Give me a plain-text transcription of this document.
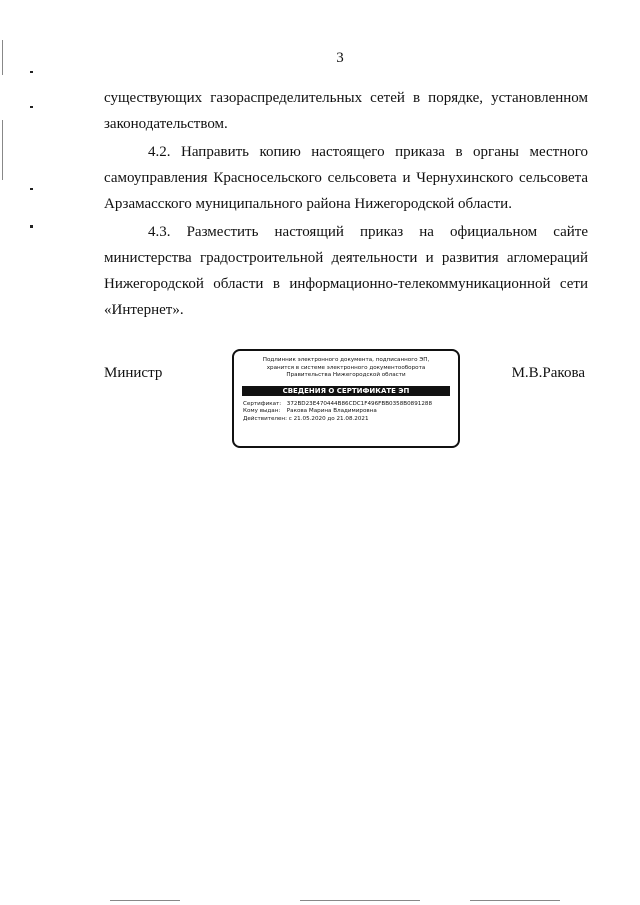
3

существующих газораспределительных сетей в порядке, установленном законодательством.

4.2. Направить копию настоящего приказа в органы местного самоуправления Красносельского сельсовета и Чернухинского сельсовета Арзамасского муниципального района Нижегородской области.

4.3. Разместить настоящий приказ на официальном сайте министерства градостроительной деятельности и развития агломераций Нижегородской области в информационно-телекоммуникационной сети «Интернет».

Министр	М.В.Ракова
Подлинник электронного документа, подписанного ЭП,
хранится в системе электронного документооборота
Правительства Нижегородской области
СВЕДЕНИЯ О СЕРТИФИКАТЕ ЭП
Сертификат: 372BD23E470444B86CDC1F496FBB0358B0891288
Кому выдан: Ракова Марина Владимировна
Действителен: с 21.05.2020 до 21.08.2021
